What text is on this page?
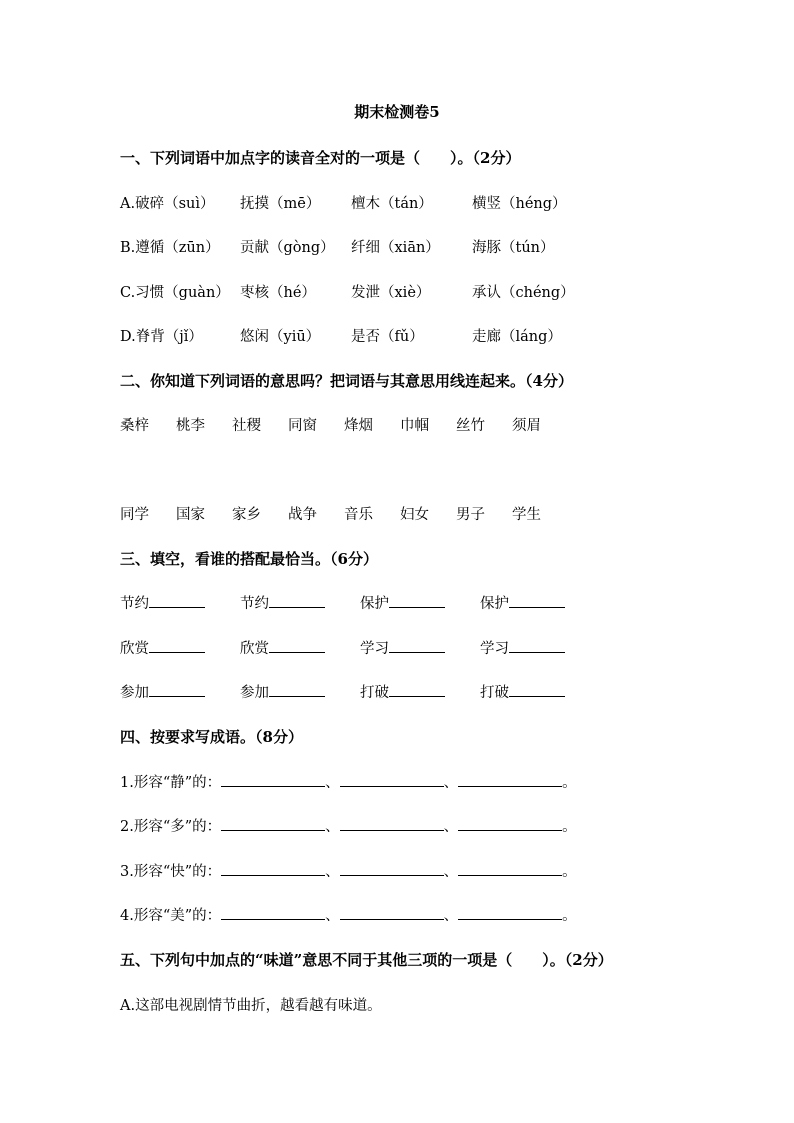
期末检测卷5
一、下列词语中加点字的读音全对的一项是（　　）。（2分）
A.破碎（suì） 抚摸（mē） 檀木（tán）	横竖（héng）
B.遵循（zūn） 贡献（gòng） 纤细（xiān） 海豚（tún）
C.习惯（guàn） 枣核（hé） 发泄（xiè）	承认（chéng）
D.脊背（jǐ）	悠闲（yiū） 是否（fǔ）	走廊（láng）
二、你知道下列词语的意思吗？把词语与其意思用线连起来。（4分）
桑梓 桃李 社稷 同窗 烽烟 巾帼 丝竹 须眉
同学 国家 家乡 战争 音乐 妇女 男子 学生
三、填空，看谁的搭配最恰当。（6分）
节约	节约	保护	保护
欣赏	欣赏	学习	学习
参加	参加	打破	打破
四、按要求写成语。（8分）
1.形容“静”的：	、	、	。
2.形容“多”的：	、	、	。
3.形容“快”的：	、	、	。
4.形容“美”的：	、	、	。
五、下列句中加点的“味道”意思不同于其他三项的一项是（　　）。（2分）
A.这部电视剧情节曲折，越看越有味道。
